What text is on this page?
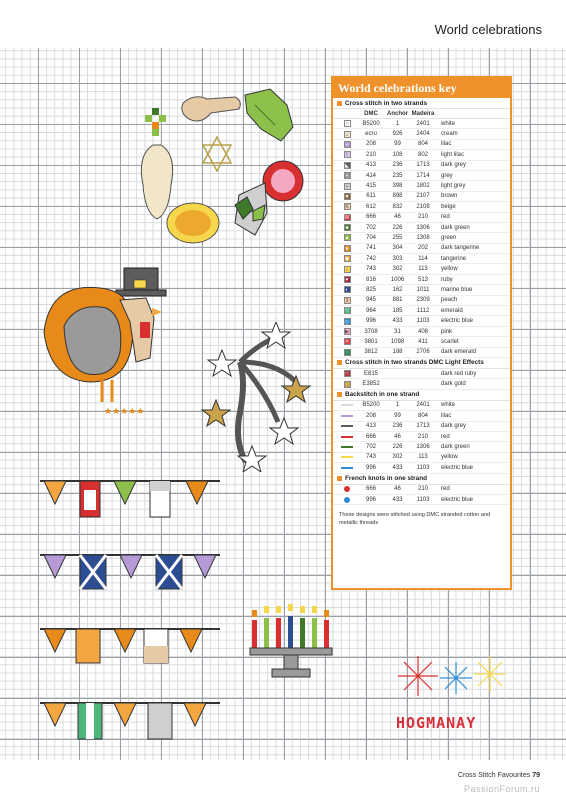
World celebrations
★★★★★
HOGMANAY
World celebrations key
Cross stitch in two strands
DMC	Anchor Madeira
∩	B5200	1	2401	white
⌂	ecru	926	2404	cream
+	208	99	804	lilac
!	210	108	802	light lilac
◣	413	236	1713	dark grey
▪	414	235	1714	grey
•	415	398	1802	light grey
▼	611	898	2107	brown
K	612	832	2108	beige
W	666	46	210	red
■	702	226	1306	dark green
▲	704	255	1308	green
★	741	304	202	dark tangerine
◆	742	303	114	tangerine
♀	743	302	113	yellow
♥	816	1006	513	ruby
◐	825	162	1011	marine blue
3	945	881	2309	peach
▽	964	185	1112	emerald
◇	996	433	1103	electric blue
▶	3708	31	408	pink
×	3801	1098	411	scarlet
↑	3812	188	2706	dark emerald
Cross stitch in two strands DMC Light Effects
□	E815	dark red ruby
⋮	E3852	dark gold
Backstitch in one strand
B5200	1	2401	white
208	99	804	lilac
413	236	1713	dark grey
666	46	210	red
702	226	1306	dark green
743	302	113	yellow
996	433	1103	electric blue
French knots in one strand
666	46	210	red
996	433	1103	electric blue
These designs were stitched using DMC stranded cotton and metallic threads
Cross Stitch Favourites 79
PassionForum.ru
